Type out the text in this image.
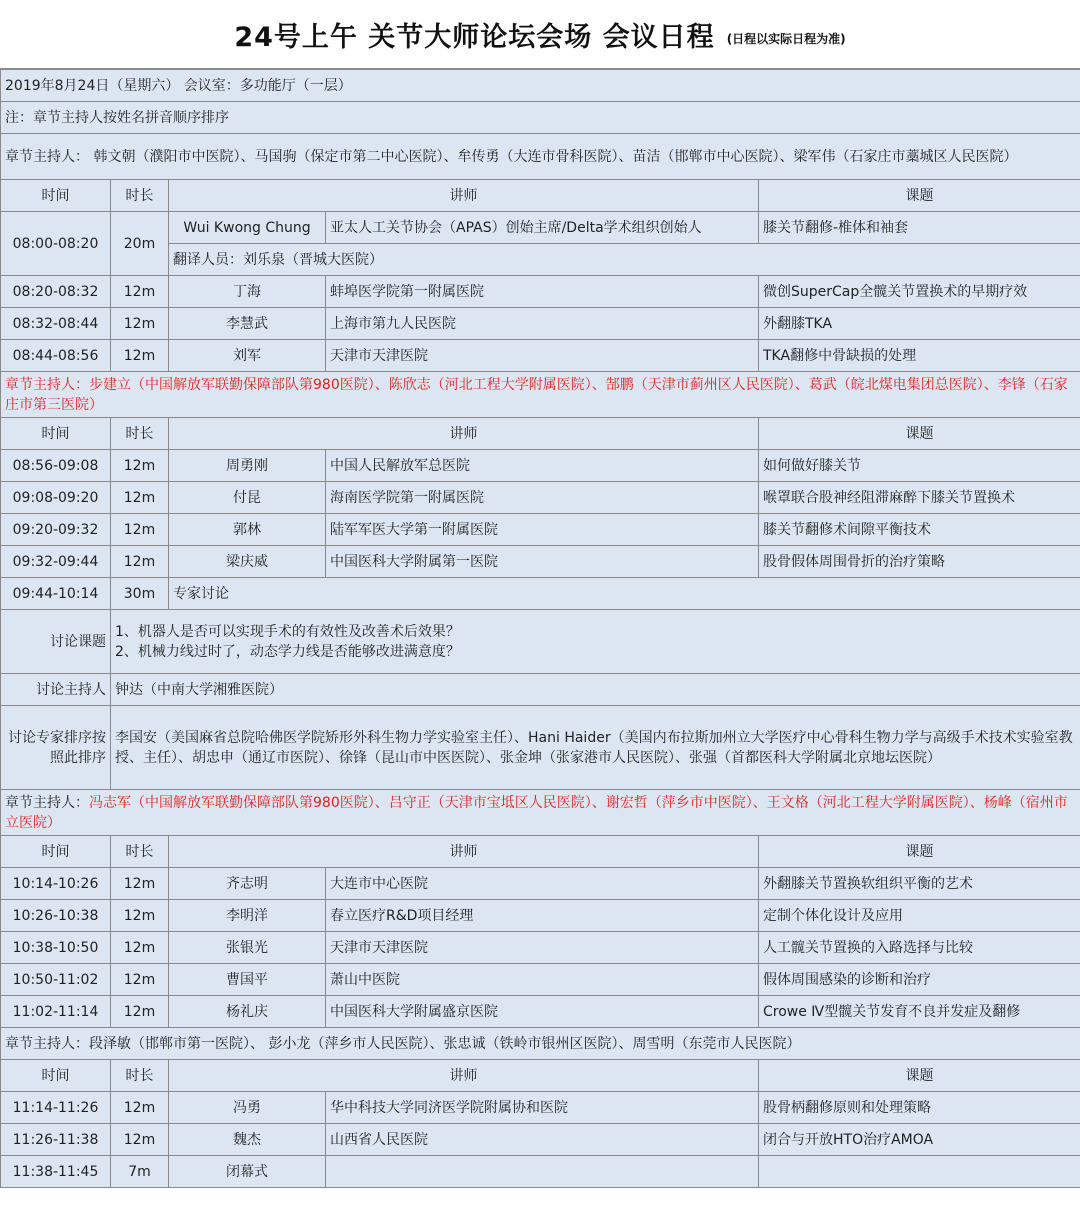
24号上午 关节大师论坛会场 会议日程 (日程以实际日程为准)
2019年8月24日（星期六） 会议室：多功能厅（一层）				
注：章节主持人按姓名拼音顺序排序				
章节主持人： 韩文朝（濮阳市中医院）、马国驹（保定市第二中心医院）、牟传勇（大连市骨科医院）、苗洁（邯郸市中心医院）、梁军伟（石家庄市藁城区人民医院）				
时间	时长	讲师		课题
08:00-08:20	20m	Wui Kwong Chung	亚太人工关节协会（APAS）创始主席/Delta学术组织创始人	膝关节翻修-椎体和袖套
		翻译人员：刘乐泉（晋城大医院）		
08:20-08:32	12m	丁海	蚌埠医学院第一附属医院	微创SuperCap全髋关节置换术的早期疗效
08:32-08:44	12m	李慧武	上海市第九人民医院	外翻膝TKA
08:44-08:56	12m	刘军	天津市天津医院	TKA翻修中骨缺损的处理
章节主持人：步建立（中国解放军联勤保障部队第980医院）、陈欣志（河北工程大学附属医院）、郜鹏（天津市蓟州区人民医院）、葛武（皖北煤电集团总医院）、李锋（石家庄市第三医院）				
时间	时长	讲师		课题
08:56-09:08	12m	周勇刚	中国人民解放军总医院	如何做好膝关节
09:08-09:20	12m	付昆	海南医学院第一附属医院	喉罩联合股神经阻滞麻醉下膝关节置换术
09:20-09:32	12m	郭林	陆军军医大学第一附属医院	膝关节翻修术间隙平衡技术
09:32-09:44	12m	梁庆威	中国医科大学附属第一医院	股骨假体周围骨折的治疗策略
09:44-10:14	30m	专家讨论		
讨论课题	1、机器人是否可以实现手术的有效性及改善术后效果？
2、机械力线过时了，动态学力线是否能够改进满意度？			

讨论主持人	钟达（中南大学湘雅医院）			
讨论专家排序按照此排序	李国安（美国麻省总院哈佛医学院矫形外科生物力学实验室主任）、Hani Haider（美国内布拉斯加州立大学医疗中心骨科生物力学与高级手术技术实验室教授、主任）、胡忠申（通辽市医院）、徐锋（昆山市中医医院）、张金坤（张家港市人民医院）、张强（首都医科大学附属北京地坛医院）			
章节主持人：冯志军（中国解放军联勤保障部队第980医院）、吕守正（天津市宝坻区人民医院）、谢宏哲（萍乡市中医院）、王文格（河北工程大学附属医院）、杨峰（宿州市立医院）				
时间	时长	讲师		课题
10:14-10:26	12m	齐志明	大连市中心医院	外翻膝关节置换软组织平衡的艺术
10:26-10:38	12m	李明洋	春立医疗R&D项目经理	定制个体化设计及应用
10:38-10:50	12m	张银光	天津市天津医院	人工髋关节置换的入路选择与比较
10:50-11:02	12m	曹国平	萧山中医院	假体周围感染的诊断和治疗
11:02-11:14	12m	杨礼庆	中国医科大学附属盛京医院	Crowe Ⅳ型髋关节发育不良并发症及翻修
章节主持人：段泽敏（邯郸市第一医院）、 彭小龙（萍乡市人民医院）、张忠诚（铁岭市银州区医院）、周雪明（东莞市人民医院）				
时间	时长	讲师		课题
11:14-11:26	12m	冯勇	华中科技大学同济医学院附属协和医院	股骨柄翻修原则和处理策略
11:26-11:38	12m	魏杰	山西省人民医院	闭合与开放HTO治疗AMOA
11:38-11:45	7m	闭幕式		
